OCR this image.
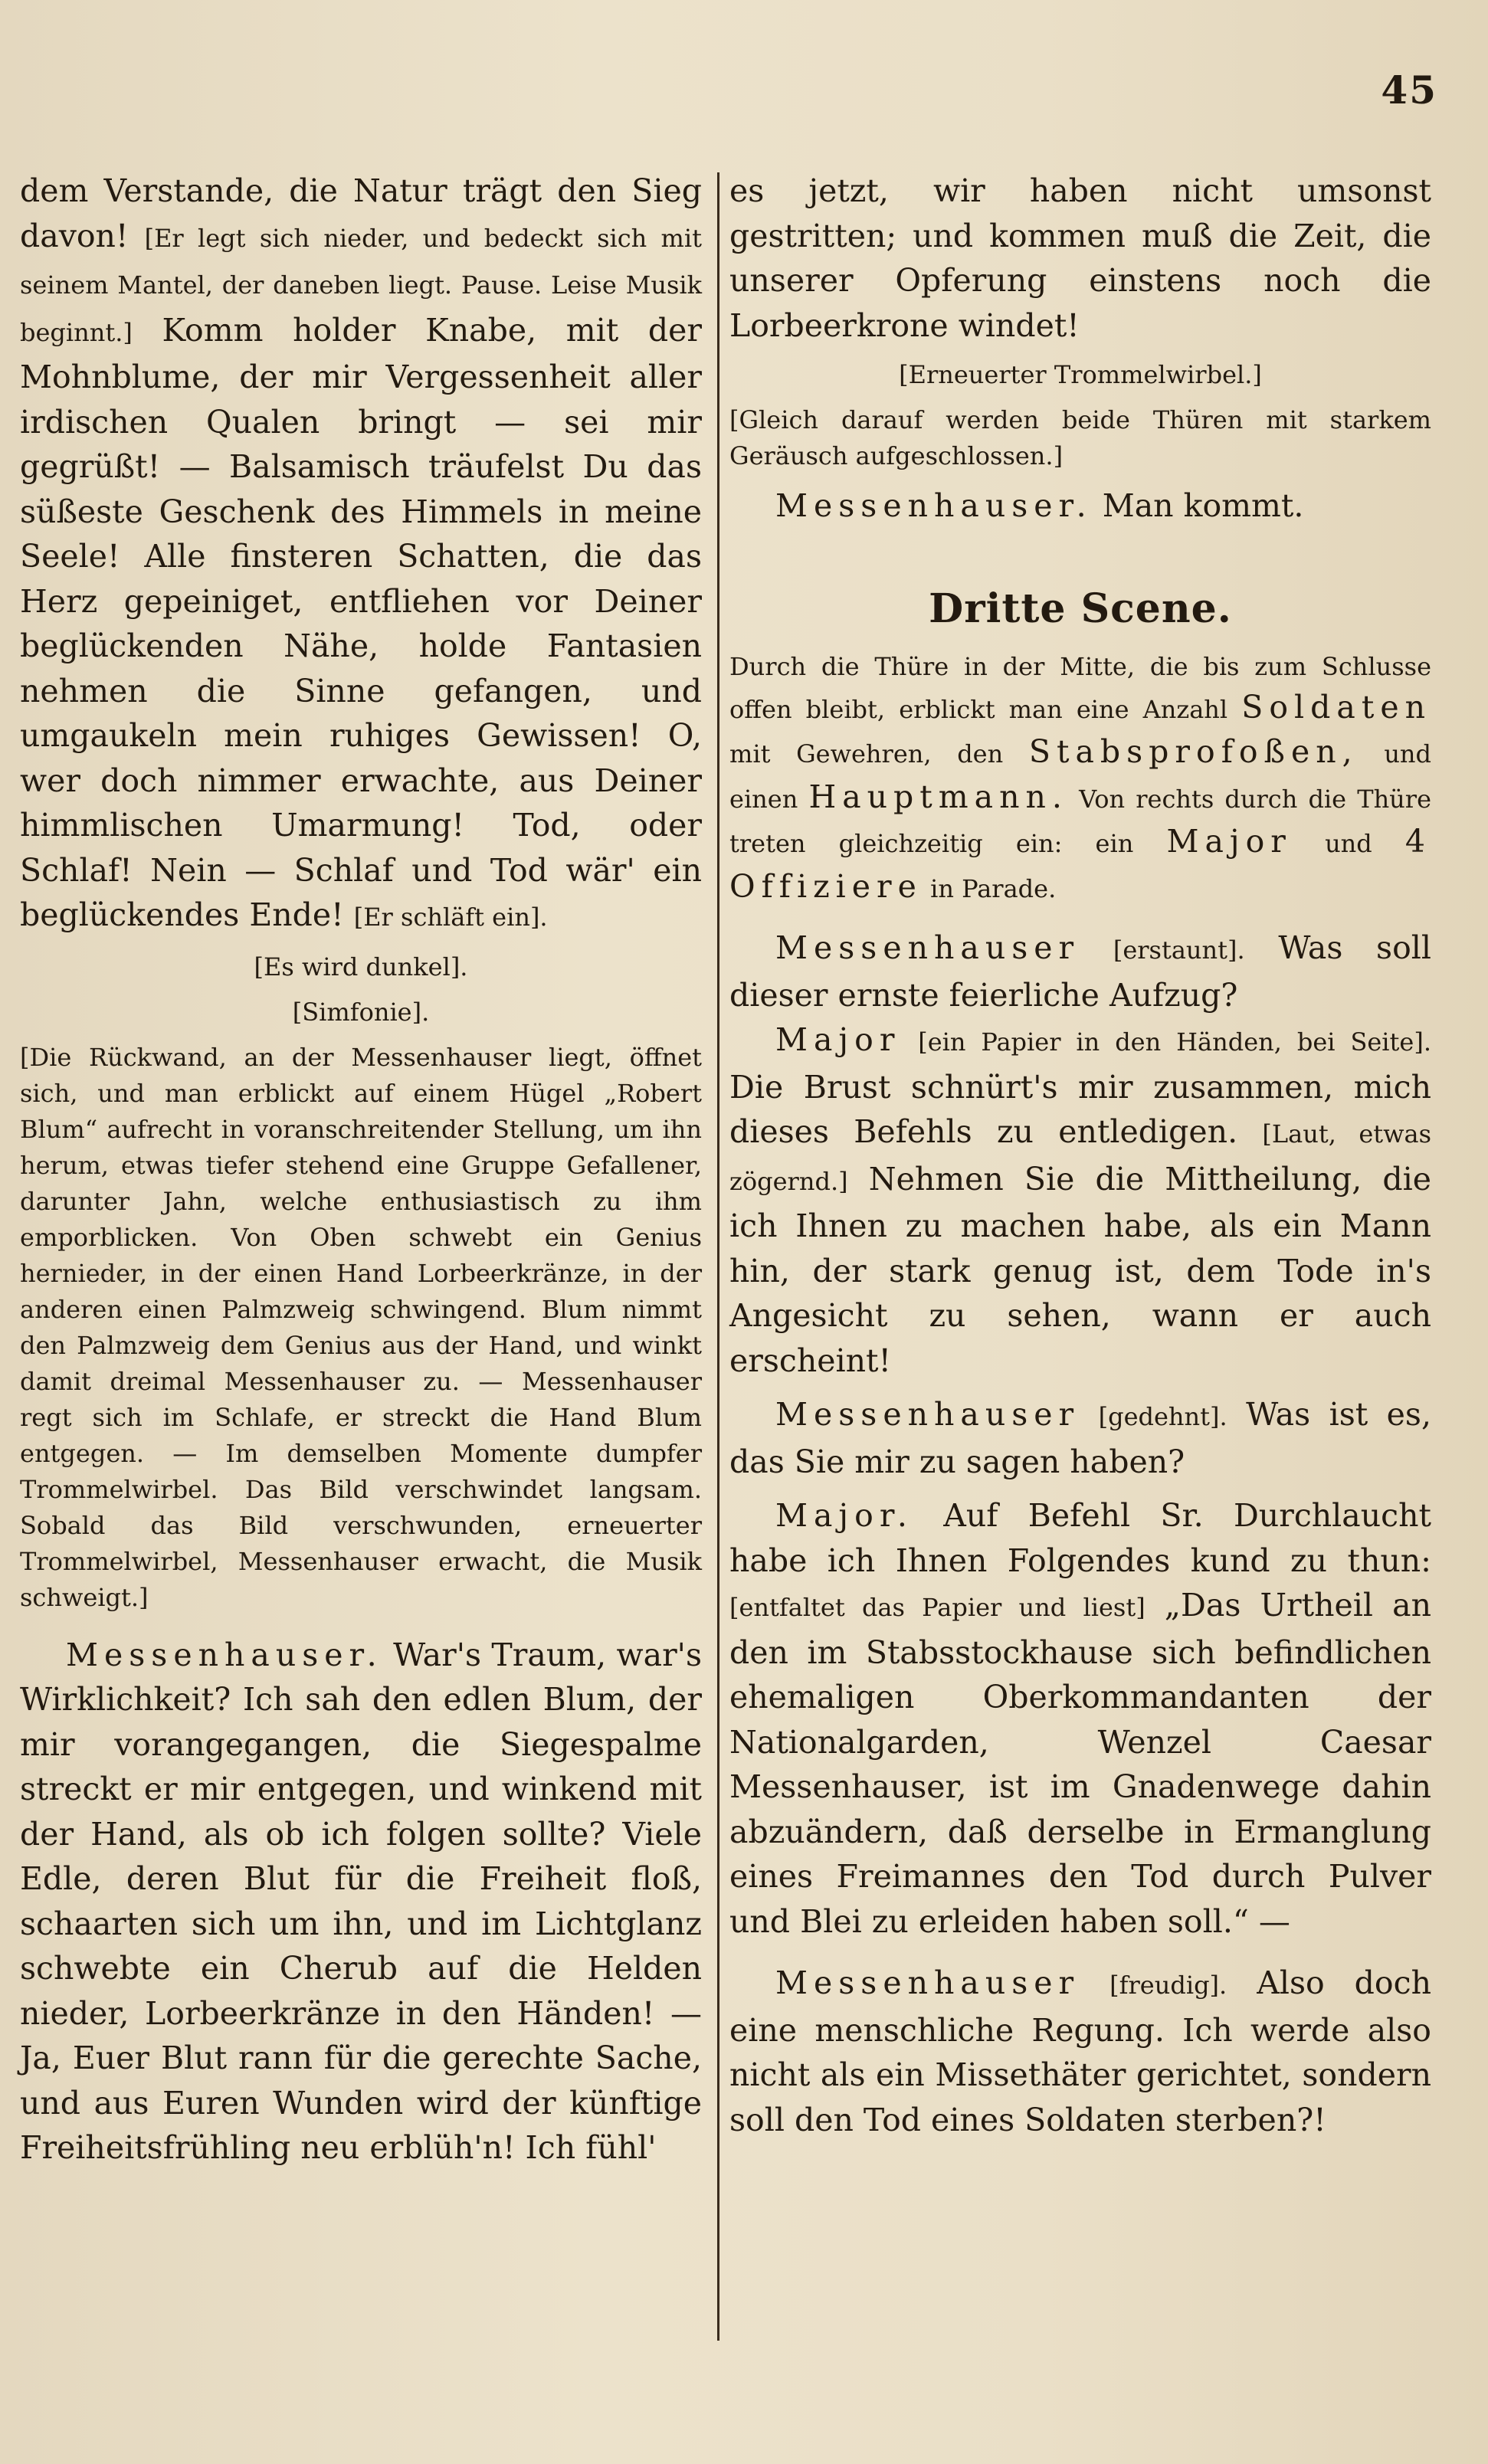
45

dem Verstande, die Natur trägt den Sieg davon! [Er legt sich nieder, und bedeckt sich mit seinem Mantel, der daneben liegt. Pause. Leise Musik beginnt.] Komm holder Knabe, mit der Mohnblume, der mir Vergessenheit aller irdischen Qualen bringt — sei mir gegrüßt! — Balsamisch träufelst Du das süßeste Geschenk des Himmels in meine Seele! Alle finsteren Schatten, die das Herz gepeiniget, entfliehen vor Deiner beglückenden Nähe, holde Fantasien nehmen die Sinne gefangen, und umgaukeln mein ruhiges Gewissen! O, wer doch nimmer erwachte, aus Deiner himmlischen Umarmung! Tod, oder Schlaf! Nein — Schlaf und Tod wär' ein beglückendes Ende! [Er schläft ein].

[Es wird dunkel].

[Simfonie].

[Die Rückwand, an der Messenhauser liegt, öffnet sich, und man erblickt auf einem Hügel „Robert Blum“ aufrecht in voranschreitender Stellung, um ihn herum, etwas tiefer stehend eine Gruppe Gefallener, darunter Jahn, welche enthusiastisch zu ihm emporblicken. Von Oben schwebt ein Genius hernieder, in der einen Hand Lorbeerkränze, in der anderen einen Palmzweig schwingend. Blum nimmt den Palmzweig dem Genius aus der Hand, und winkt damit dreimal Messenhauser zu. — Messenhauser regt sich im Schlafe, er streckt die Hand Blum entgegen. — Im demselben Momente dumpfer Trommelwirbel. Das Bild verschwindet langsam. Sobald das Bild verschwunden, erneuerter Trommelwirbel, Messenhauser erwacht, die Musik schweigt.]

Messenhauser. War's Traum, war's Wirklichkeit? Ich sah den edlen Blum, der mir vorangegangen, die Siegespalme streckt er mir entgegen, und winkend mit der Hand, als ob ich folgen sollte? Viele Edle, deren Blut für die Freiheit floß, schaarten sich um ihn, und im Lichtglanz schwebte ein Cherub auf die Helden nieder, Lorbeerkränze in den Händen! — Ja, Euer Blut rann für die gerechte Sache, und aus Euren Wunden wird der künftige Freiheitsfrühling neu erblüh'n! Ich fühl'

es jetzt, wir haben nicht umsonst gestritten; und kommen muß die Zeit, die unserer Opferung einstens noch die Lorbeerkrone windet!

[Erneuerter Trommelwirbel.]

[Gleich darauf werden beide Thüren mit starkem Geräusch aufgeschlossen.]

Messenhauser. Man kommt.

Dritte Scene.

Durch die Thüre in der Mitte, die bis zum Schlusse offen bleibt, erblickt man eine Anzahl Soldaten mit Gewehren, den Stabsprofoßen, und einen Hauptmann. Von rechts durch die Thüre treten gleichzeitig ein: ein Major und 4 Offiziere in Parade.

Messenhauser [erstaunt]. Was soll dieser ernste feierliche Aufzug?

Major [ein Papier in den Händen, bei Seite]. Die Brust schnürt's mir zusammen, mich dieses Befehls zu entledigen. [Laut, etwas zögernd.] Nehmen Sie die Mittheilung, die ich Ihnen zu machen habe, als ein Mann hin, der stark genug ist, dem Tode in's Angesicht zu sehen, wann er auch erscheint!

Messenhauser [gedehnt]. Was ist es, das Sie mir zu sagen haben?

Major. Auf Befehl Sr. Durchlaucht habe ich Ihnen Folgendes kund zu thun: [entfaltet das Papier und liest] „Das Urtheil an den im Stabsstockhause sich befindlichen ehemaligen Oberkommandanten der Nationalgarden, Wenzel Caesar Messenhauser, ist im Gnadenwege dahin abzuändern, daß derselbe in Ermanglung eines Freimannes den Tod durch Pulver und Blei zu erleiden haben soll.“ —

Messenhauser [freudig]. Also doch eine menschliche Regung. Ich werde also nicht als ein Missethäter gerichtet, sondern soll den Tod eines Soldaten sterben?!
